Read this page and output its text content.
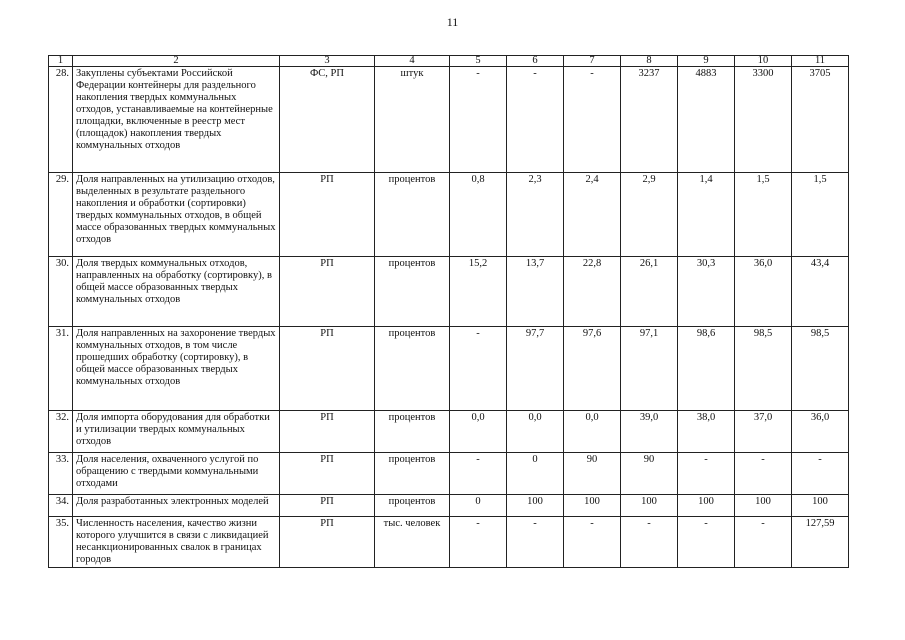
11
1	2	3	4	5	6	7	8	9	10	11
28.	Закуплены субъектами Российской Федерации контейнеры для раздельного накопления твердых коммунальных отходов, устанавливаемые на контейнерные площадки, включенные в реестр мест (площадок) накопления твердых коммунальных отходов	ФС, РП	штук	-	-	-	3237	4883	3300	3705
29.	Доля направленных на утилизацию отходов, выделенных в результате раздельного накопления и обработки (сортировки) твердых коммунальных отходов, в общей массе образованных твердых коммунальных отходов	РП	процентов	0,8	2,3	2,4	2,9	1,4	1,5	1,5
30.	Доля твердых коммунальных отходов, направленных на обработку (сортировку), в общей массе образованных твердых коммунальных отходов	РП	процентов	15,2	13,7	22,8	26,1	30,3	36,0	43,4
31.	Доля направленных на захоронение твердых коммунальных отходов, в том числе прошедших обработку (сортировку), в общей массе образованных твердых коммунальных отходов	РП	процентов	-	97,7	97,6	97,1	98,6	98,5	98,5
32.	Доля импорта оборудования для обработки и утилизации твердых коммунальных отходов	РП	процентов	0,0	0,0	0,0	39,0	38,0	37,0	36,0
33.	Доля населения, охваченного услугой по обращению с твердыми коммунальными отходами	РП	процентов	-	0	90	90	-	-	-
34.	Доля разработанных электронных моделей	РП	процентов	0	100	100	100	100	100	100
35.	Численность населения, качество жизни которого улучшится в связи с ликвидацией несанкционированных свалок в границах городов	РП	тыс. человек	-	-	-	-	-	-	127,59
